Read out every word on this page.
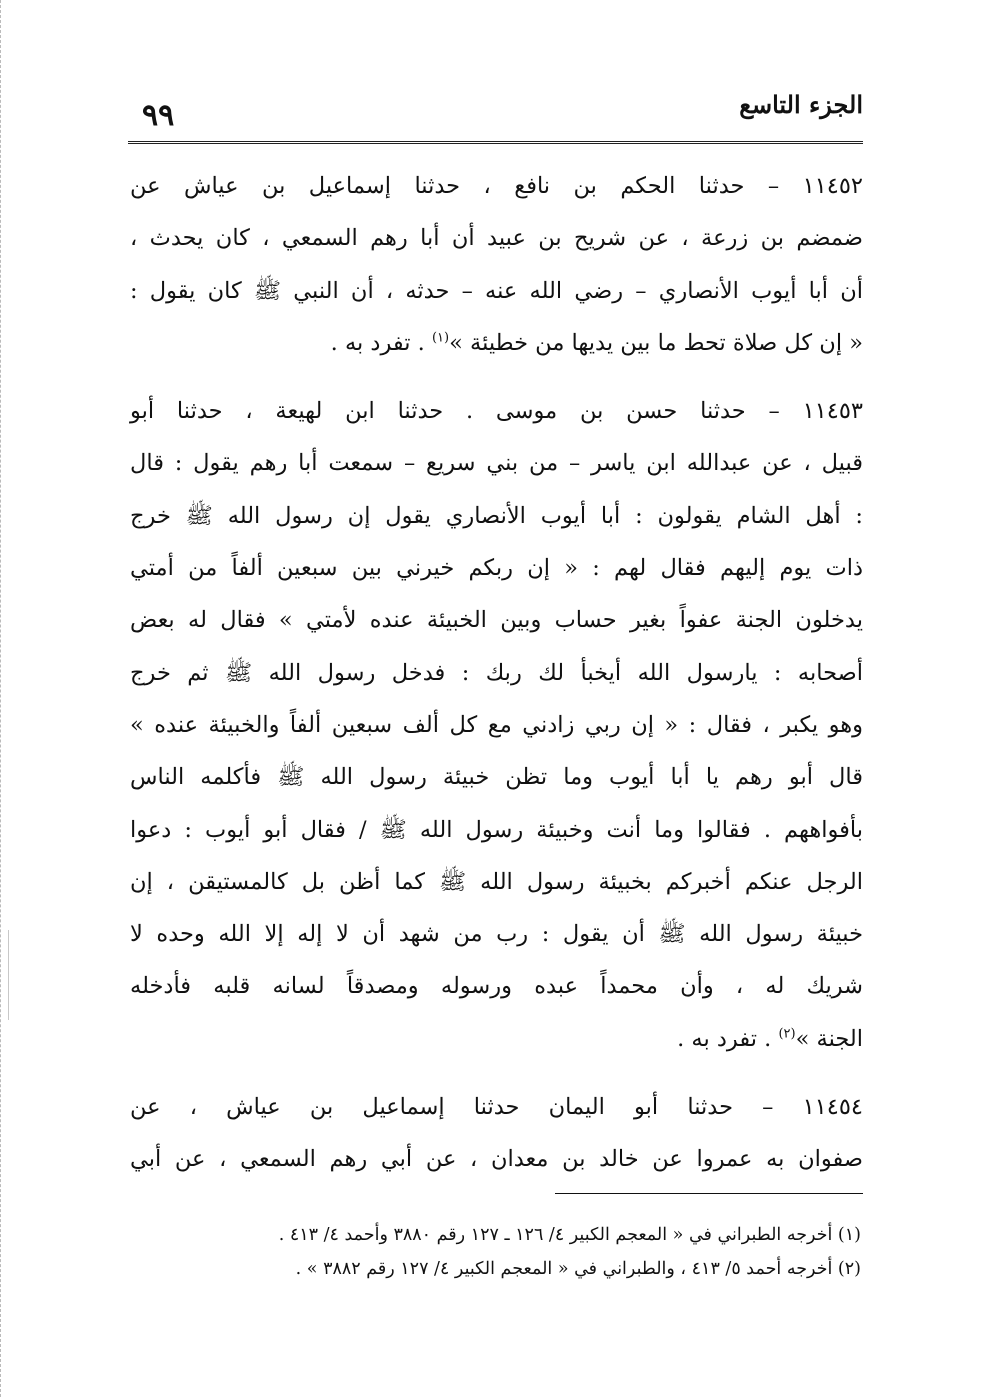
الجزء التاسع
٩٩
١١٤٥٢ – حدثنا الحكم بن نافع ، حدثنا إسماعيل بن عياش عن
ضمضم بن زرعة ، عن شريح بن عبيد أن أبا رهم السمعي ، كان يحدث ،
أن أبا أيوب الأنصاري – رضي الله عنه – حدثه ، أن النبي ﷺ كان يقول :
« إن كل صلاة تحط ما بين يديها من خطيئة »$^{(١)}$ . تفرد به .
١١٤٥٣ – حدثنا حسن بن موسى . حدثنا ابن لهيعة ، حدثنا أبو
قبيل ، عن عبدالله ابن ياسر – من بني سريع – سمعت أبا رهم يقول : قال
: أهل الشام يقولون : أبا أيوب الأنصاري يقول إن رسول الله ﷺ خرج
ذات يوم إليهم فقال لهم : « إن ربكم خيرني بين سبعين ألفاً من أمتي
يدخلون الجنة عفواً بغير حساب وبين الخبيئة عنده لأمتي » فقال له بعض
أصحابه : يارسول الله أيخبأ لك ربك : فدخل رسول الله ﷺ ثم خرج
وهو يكبر ، فقال : « إن ربي زادني مع كل ألف سبعين ألفاً والخبيئة عنده »
قال أبو رهم يا أبا أيوب وما تظن خبيئة رسول الله ﷺ فأكلمه الناس
بأفواههم . فقالوا وما أنت وخبيئة رسول الله ﷺ / فقال أبو أيوب : دعوا
الرجل عنكم أخبركم بخبيئة رسول الله ﷺ كما أظن بل كالمستيقن ، إن
خبيئة رسول الله ﷺ أن يقول : رب من شهد أن لا إله إلا الله وحده لا
شريك له ، وأن محمداً عبده ورسوله ومصدقاً لسانه قلبه فأدخله
الجنة »$^{(٢)}$ . تفرد به .
١١٤٥٤ – حدثنا أبو اليمان حدثنا إسماعيل بن عياش ، عن
صفوان به عمروا عن خالد بن معدان ، عن أبي رهم السمعي ، عن أبي
(١) أخرجه الطبراني في « المعجم الكبير ٤/ ١٢٦ ـ ١٢٧ رقم ٣٨٨٠ وأحمد ٤/ ٤١٣ .
(٢) أخرجه أحمد ٥/ ٤١٣ ، والطبراني في « المعجم الكبير ٤/ ١٢٧ رقم ٣٨٨٢ » .
